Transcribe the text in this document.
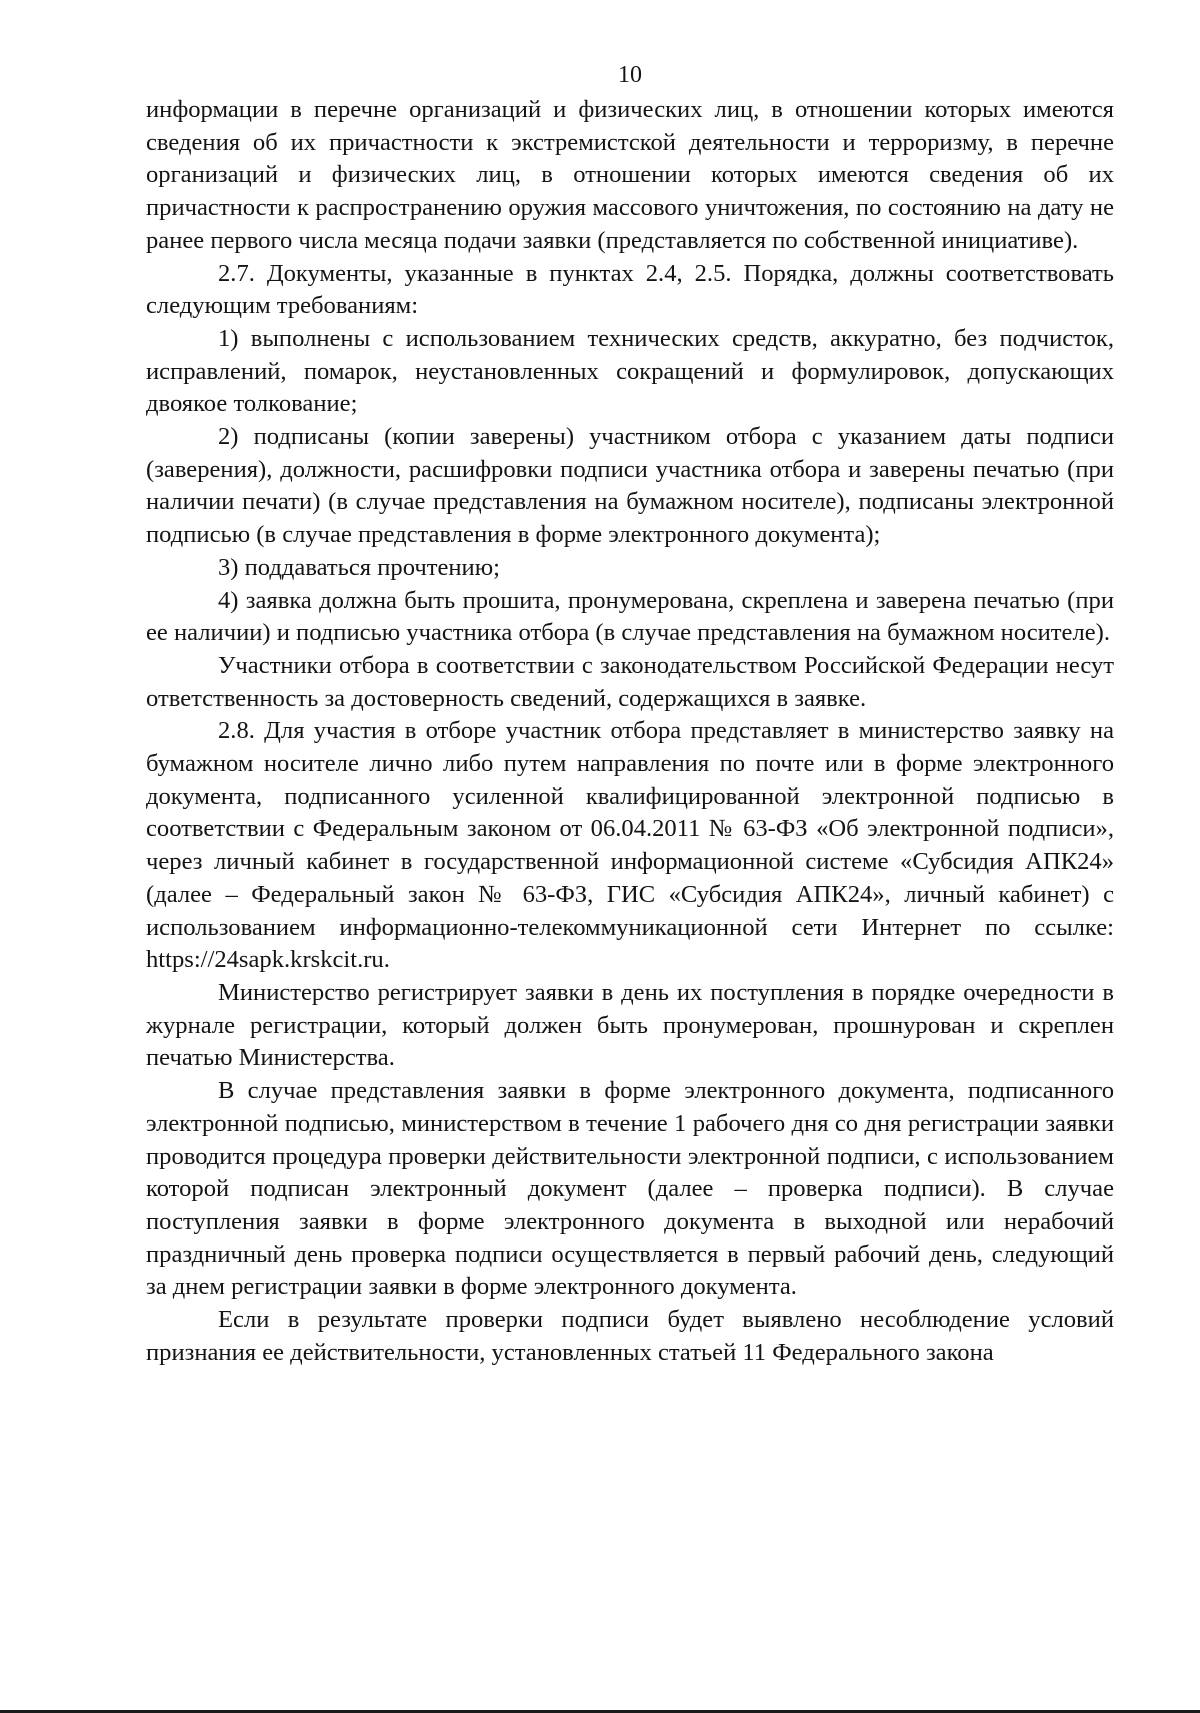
10

информации в перечне организаций и физических лиц, в отношении которых имеются сведения об их причастности к экстремистской деятельности и терроризму, в перечне организаций и физических лиц, в отношении которых имеются сведения об их причастности к распространению оружия массового уничтожения, по состоянию на дату не ранее первого числа месяца подачи заявки (представляется по собственной инициативе).

2.7. Документы, указанные в пунктах 2.4, 2.5. Порядка, должны соответствовать следующим требованиям:

1) выполнены с использованием технических средств, аккуратно, без подчисток, исправлений, помарок, неустановленных сокращений и формулировок, допускающих двоякое толкование;

2) подписаны (копии заверены) участником отбора с указанием даты подписи (заверения), должности, расшифровки подписи участника отбора и заверены печатью (при наличии печати) (в случае представления на бумажном носителе), подписаны электронной подписью (в случае представления в форме электронного документа);

3) поддаваться прочтению;

4) заявка должна быть прошита, пронумерована, скреплена и заверена печатью (при ее наличии) и подписью участника отбора (в случае представления на бумажном носителе).

Участники отбора в соответствии с законодательством Российской Федерации несут ответственность за достоверность сведений, содержащихся в заявке.

2.8. Для участия в отборе участник отбора представляет в министерство заявку на бумажном носителе лично либо путем направления по почте или в форме электронного документа, подписанного усиленной квалифицированной электронной подписью в соответствии с Федеральным законом от 06.04.2011 № 63-ФЗ «Об электронной подписи», через личный кабинет в государственной информационной системе «Субсидия АПК24» (далее – Федеральный закон № 63-ФЗ, ГИС «Субсидия АПК24», личный кабинет) с использованием информационно-телекоммуникационной сети Интернет по ссылке: https://24sapk.krskcit.ru.

Министерство регистрирует заявки в день их поступления в порядке очередности в журнале регистрации, который должен быть пронумерован, прошнурован и скреплен печатью Министерства.

В случае представления заявки в форме электронного документа, подписанного электронной подписью, министерством в течение 1 рабочего дня со дня регистрации заявки проводится процедура проверки действительности электронной подписи, с использованием которой подписан электронный документ (далее – проверка подписи). В случае поступления заявки в форме электронного документа в выходной или нерабочий праздничный день проверка подписи осуществляется в первый рабочий день, следующий за днем регистрации заявки в форме электронного документа.

Если в результате проверки подписи будет выявлено несоблюдение условий признания ее действительности, установленных статьей 11 Федерального закона
